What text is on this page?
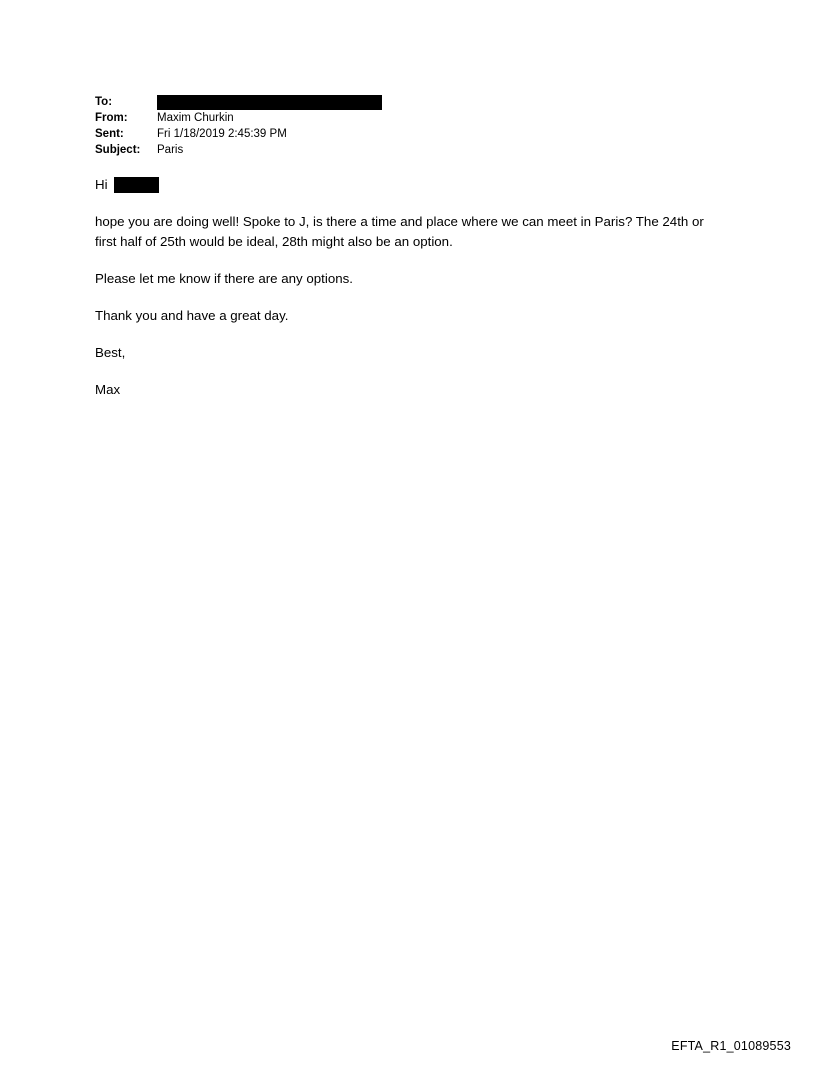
To:
From:	Maxim Churkin
Sent:	Fri 1/18/2019 2:45:39 PM
Subject:	Paris
Hi
hope you are doing well! Spoke to J, is there a time and place where we can meet in Paris? The 24th or first half of 25th would be ideal, 28th might also be an option.
Please let me know if there are any options.
Thank you and have a great day.
Best,
Max
EFTA_R1_01089553
